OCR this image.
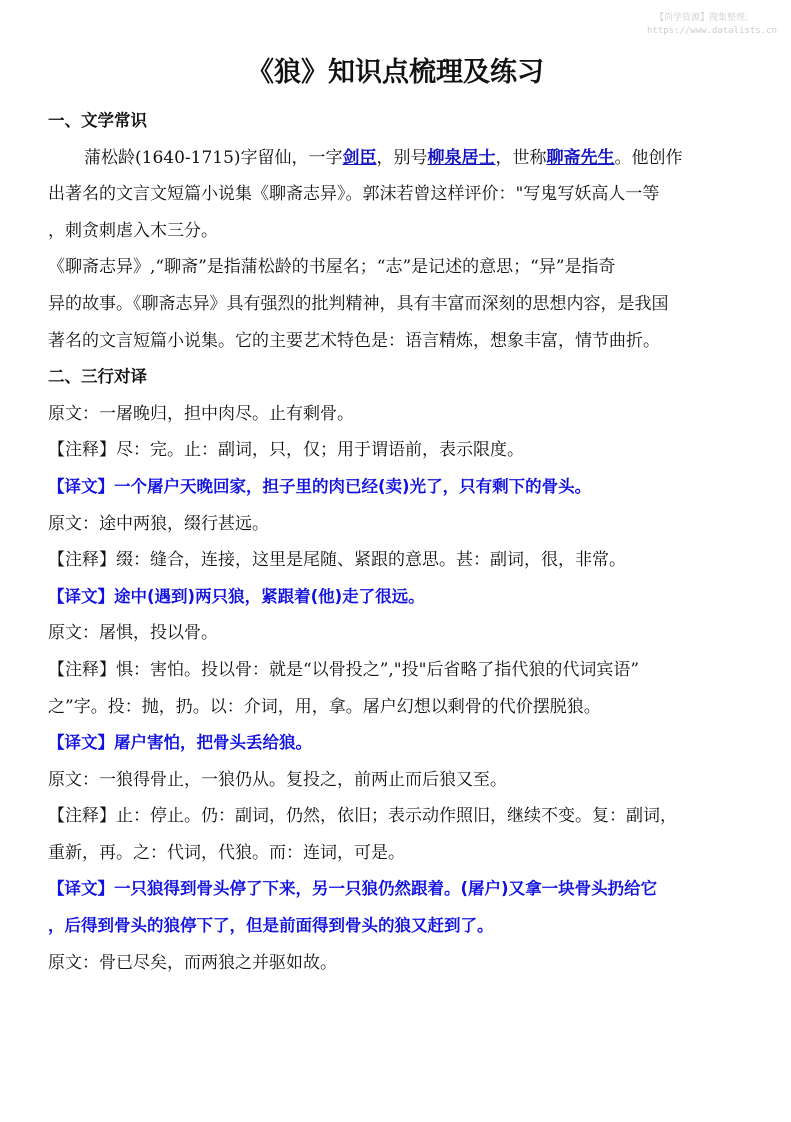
【尚学资源】搜集整理:
https://www.datalists.cn
《狼》知识点梳理及练习
一、文学常识
蒲松龄(1640-1715)字留仙，一字剑臣，别号柳泉居士，世称聊斋先生。他创作
出著名的文言文短篇小说集《聊斋志异》。郭沫若曾这样评价："写鬼写妖高人一等
，刺贪刺虐入木三分。
《聊斋志异》,“聊斋”是指蒲松龄的书屋名；“志”是记述的意思；“异”是指奇
异的故事。《聊斋志异》具有强烈的批判精神，具有丰富而深刻的思想内容，是我国
著名的文言短篇小说集。它的主要艺术特色是：语言精炼，想象丰富，情节曲折。
二、三行对译
原文：一屠晚归，担中肉尽。止有剩骨。
【注释】尽：完。止：副词，只，仅；用于谓语前，表示限度。
【译文】一个屠户天晚回家，担子里的肉已经(卖)光了，只有剩下的骨头。
原文：途中两狼，缀行甚远。
【注释】缀：缝合，连接，这里是尾随、紧跟的意思。甚：副词，很，非常。
【译文】途中(遇到)两只狼，紧跟着(他)走了很远。
原文：屠惧，投以骨。
【注释】惧：害怕。投以骨：就是“以骨投之”,"投"后省略了指代狼的代词宾语”
之”字。投：抛，扔。以：介词，用，拿。屠户幻想以剩骨的代价摆脱狼。
【译文】屠户害怕，把骨头丢给狼。
原文：一狼得骨止，一狼仍从。复投之，前两止而后狼又至。
【注释】止：停止。仍：副词，仍然，依旧；表示动作照旧，继续不变。复：副词，
重新，再。之：代词，代狼。而：连词，可是。
【译文】一只狼得到骨头停了下来，另一只狼仍然跟着。(屠户)又拿一块骨头扔给它
，后得到骨头的狼停下了，但是前面得到骨头的狼又赶到了。
原文：骨已尽矣，而两狼之并驱如故。
